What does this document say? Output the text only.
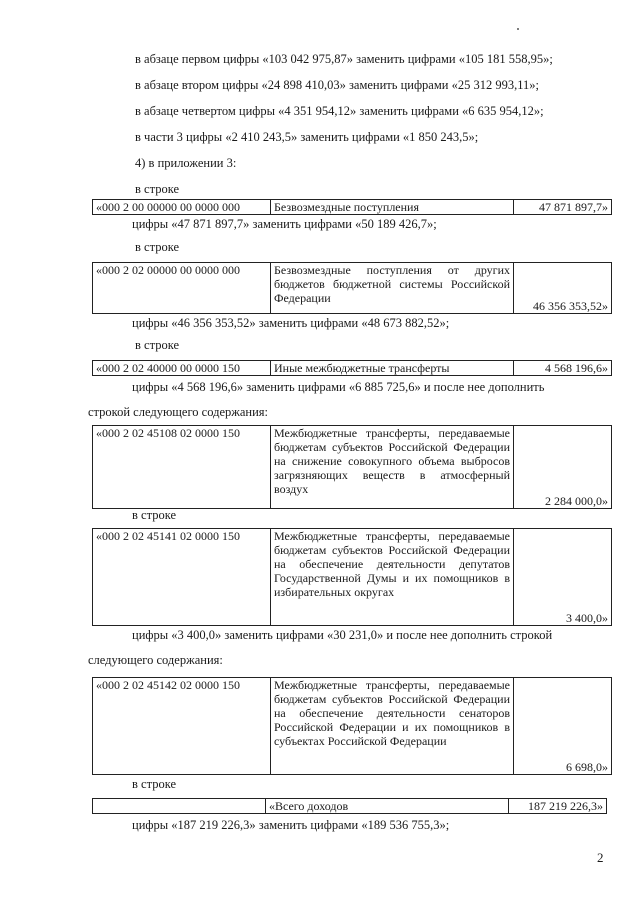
в абзаце первом цифры «103 042 975,87» заменить цифрами «105 181 558,95»;
в абзаце втором цифры «24 898 410,03» заменить цифрами «25 312 993,11»;
в абзаце четвертом цифры «4 351 954,12» заменить цифрами «6 635 954,12»;
в части 3 цифры «2 410 243,5» заменить цифрами «1 850 243,5»;
4) в приложении 3:
в строке
«000 2 00 00000 00 0000 000	Безвозмездные поступления	47 871 897,7»
цифры «47 871 897,7» заменить цифрами «50 189 426,7»;
в строке
«000 2 02 00000 00 0000 000	Безвозмездные поступления от других бюджетов бюджетной системы Российской Федерации	46 356 353,52»
цифры «46 356 353,52» заменить цифрами «48 673 882,52»;
в строке
«000 2 02 40000 00 0000 150	Иные межбюджетные трансферты	4 568 196,6»
цифры «4 568 196,6» заменить цифрами «6 885 725,6» и после нее дополнить
строкой следующего содержания:
«000 2 02 45108 02 0000 150	Межбюджетные трансферты, передаваемые бюджетам субъектов Российской Федерации на снижение совокупного объема выбросов загрязняющих веществ в атмосферный воздух	2 284 000,0»
в строке
«000 2 02 45141 02 0000 150	Межбюджетные трансферты, передаваемые бюджетам субъектов Российской Федерации на обеспечение деятельности депутатов Государственной Думы и их помощников в избирательных округах	3 400,0»
цифры «3 400,0» заменить цифрами «30 231,0» и после нее дополнить строкой
следующего содержания:
«000 2 02 45142 02 0000 150	Межбюджетные трансферты, передаваемые бюджетам субъектов Российской Федерации на обеспечение деятельности сенаторов Российской Федерации и их помощников в субъектах Российской Федерации	6 698,0»
в строке
	«Всего доходов	187 219 226,3»
цифры «187 219 226,3» заменить цифрами «189 536 755,3»;
2
